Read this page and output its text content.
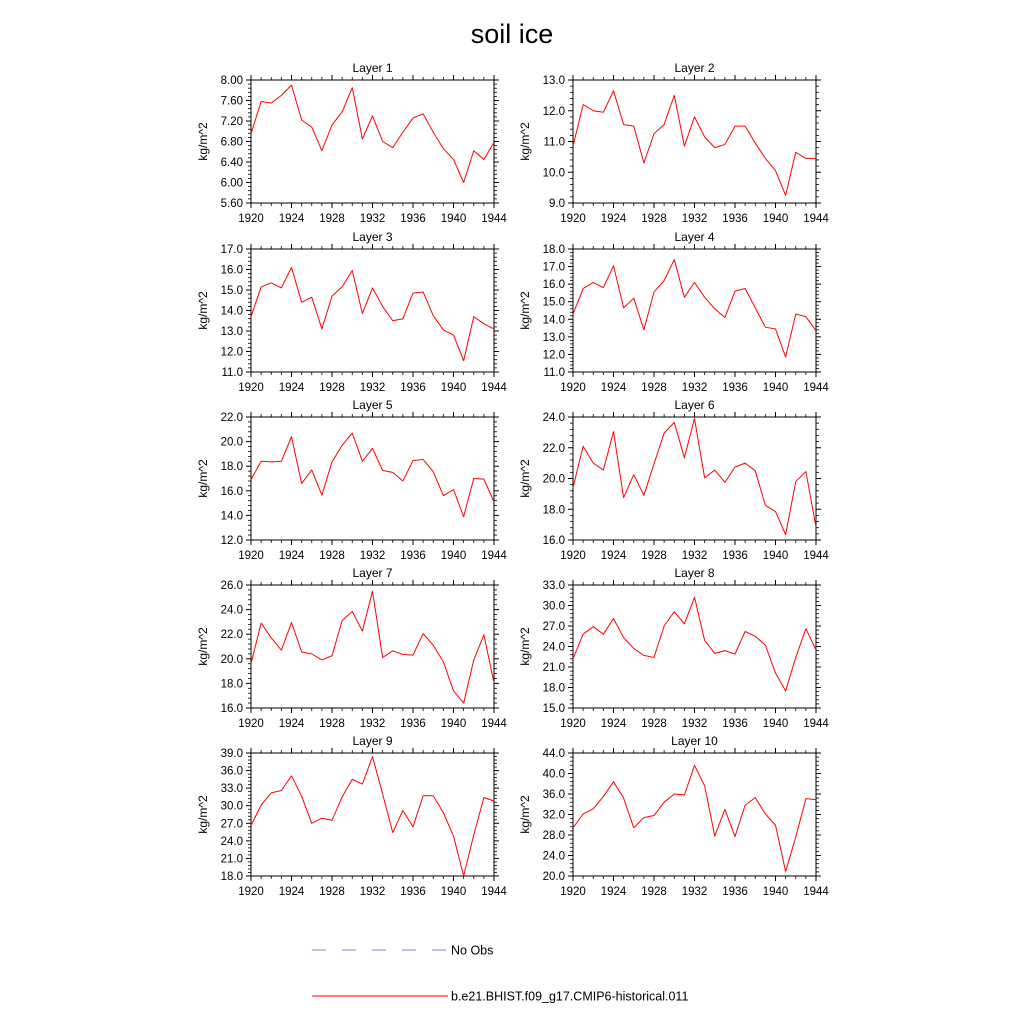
soil ice
Layer 1
kg/m^2
5.60
6.00
6.40
6.80
7.20
7.60
8.00
1920 1924 1928 1932 1936 1940 1944
Layer 2
kg/m^2
9.0
10.0
11.0
12.0
13.0
1920 1924 1928 1932 1936 1940 1944
Layer 3
kg/m^2
11.0
12.0
13.0
14.0
15.0
16.0
17.0
1920 1924 1928 1932 1936 1940 1944
Layer 4
kg/m^2
11.0
12.0
13.0
14.0
15.0
16.0
17.0
18.0
1920 1924 1928 1932 1936 1940 1944
Layer 5
kg/m^2
12.0
14.0
16.0
18.0
20.0
22.0
1920 1924 1928 1932 1936 1940 1944
Layer 6
kg/m^2
16.0
18.0
20.0
22.0
24.0
1920 1924 1928 1932 1936 1940 1944
Layer 7
kg/m^2
16.0
18.0
20.0
22.0
24.0
26.0
1920 1924 1928 1932 1936 1940 1944
Layer 8
kg/m^2
15.0
18.0
21.0
24.0
27.0
30.0
33.0
1920 1924 1928 1932 1936 1940 1944
Layer 9
kg/m^2
18.0
21.0
24.0
27.0
30.0
33.0
36.0
39.0
1920 1924 1928 1932 1936 1940 1944
Layer 10
kg/m^2
20.0
24.0
28.0
32.0
36.0
40.0
44.0
1920 1924 1928 1932 1936 1940 1944
No Obs
b.e21.BHIST.f09_g17.CMIP6-historical.011
